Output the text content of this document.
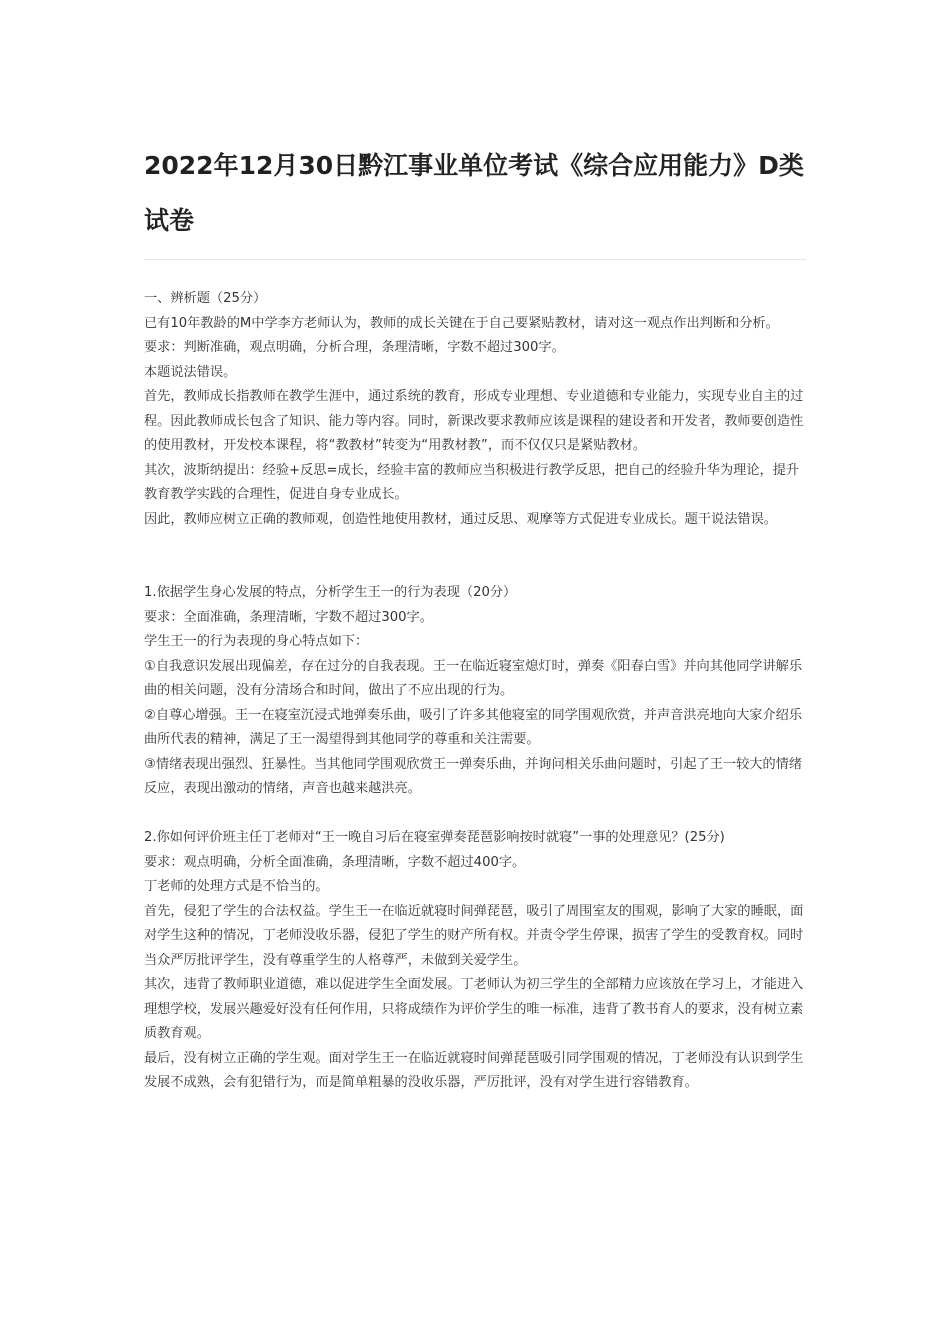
2022年12月30日黔江事业单位考试《综合应用能力》D类试卷

一、辨析题（25分）

已有10年教龄的M中学李方老师认为，教师的成长关键在于自己要紧贴教材，请对这一观点作出判断和分析。

要求：判断准确，观点明确，分析合理，条理清晰，字数不超过300字。

本题说法错误。

首先，教师成长指教师在教学生涯中，通过系统的教育，形成专业理想、专业道德和专业能力，实现专业自主的过程。因此教师成长包含了知识、能力等内容。同时，新课改要求教师应该是课程的建设者和开发者，教师要创造性的使用教材，开发校本课程，将“教教材”转变为“用教材教”，而不仅仅只是紧贴教材。

其次，波斯纳提出：经验+反思=成长，经验丰富的教师应当积极进行教学反思，把自己的经验升华为理论，提升教育教学实践的合理性，促进自身专业成长。

因此，教师应树立正确的教师观，创造性地使用教材，通过反思、观摩等方式促进专业成长。题干说法错误。

1.依据学生身心发展的特点，分析学生王一的行为表现（20分）

要求：全面准确，条理清晰，字数不超过300字。

学生王一的行为表现的身心特点如下：

①自我意识发展出现偏差，存在过分的自我表现。王一在临近寝室熄灯时，弹奏《阳春白雪》并向其他同学讲解乐曲的相关问题，没有分清场合和时间，做出了不应出现的行为。

②自尊心增强。王一在寝室沉浸式地弹奏乐曲，吸引了许多其他寝室的同学围观欣赏，并声音洪亮地向大家介绍乐曲所代表的精神，满足了王一渴望得到其他同学的尊重和关注需要。

③情绪表现出强烈、狂暴性。当其他同学围观欣赏王一弹奏乐曲，并询问相关乐曲问题时，引起了王一较大的情绪反应，表现出激动的情绪，声音也越来越洪亮。

2.你如何评价班主任丁老师对“王一晚自习后在寝室弹奏琵琶影响按时就寝”一事的处理意见？(25分)

要求：观点明确，分析全面准确，条理清晰，字数不超过400字。

丁老师的处理方式是不恰当的。

首先，侵犯了学生的合法权益。学生王一在临近就寝时间弹琵琶，吸引了周围室友的围观，影响了大家的睡眠，面对学生这种的情况，丁老师没收乐器，侵犯了学生的财产所有权。并责令学生停课，损害了学生的受教育权。同时当众严厉批评学生，没有尊重学生的人格尊严，未做到关爱学生。

其次，违背了教师职业道德，难以促进学生全面发展。丁老师认为初三学生的全部精力应该放在学习上，才能进入理想学校，发展兴趣爱好没有任何作用，只将成绩作为评价学生的唯一标准，违背了教书育人的要求，没有树立素质教育观。

最后，没有树立正确的学生观。面对学生王一在临近就寝时间弹琵琶吸引同学围观的情况，丁老师没有认识到学生发展不成熟，会有犯错行为，而是简单粗暴的没收乐器，严厉批评，没有对学生进行容错教育。
